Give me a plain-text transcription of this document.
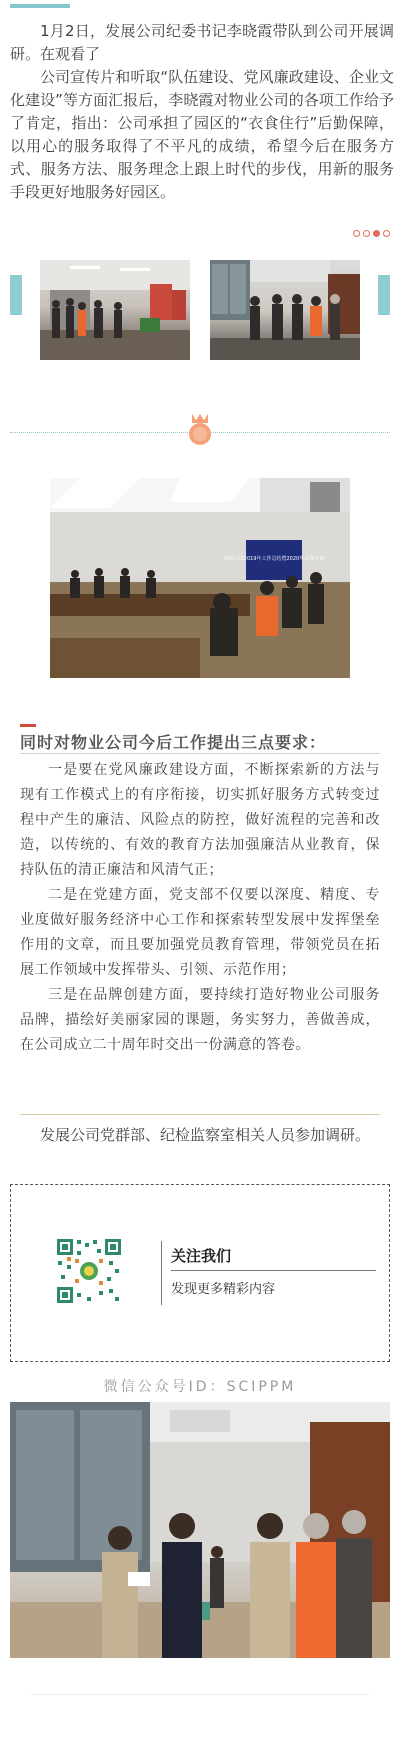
1月2日，发展公司纪委书记李晓霞带队到公司开展调研。在观看了

公司宣传片和听取“队伍建设、党风廉政建设、企业文化建设”等方面汇报后，李晓霞对物业公司的各项工作给予了肯定，指出：公司承担了园区的“衣食住行”后勤保障，以用心的服务取得了不平凡的成绩，希望今后在服务方式、服务方法、服务理念上跟上时代的步伐，用新的服务手段更好地服务好园区。

发展公司2019年工作总结暨2020年工作计划
同时对物业公司今后工作提出三点要求：

一是要在党风廉政建设方面，不断探索新的方法与现有工作模式上的有序衔接，切实抓好服务方式转变过程中产生的廉洁、风险点的防控，做好流程的完善和改造，以传统的、有效的教育方法加强廉洁从业教育，保持队伍的清正廉洁和风清气正；

二是在党建方面，党支部不仅要以深度、精度、专业度做好服务经济中心工作和探索转型发展中发挥堡垒作用的文章，而且要加强党员教育管理，带领党员在拓展工作领域中发挥带头、引领、示范作用；

三是在品牌创建方面，要持续打造好物业公司服务品牌，描绘好美丽家园的课题，务实努力，善做善成，在公司成立二十周年时交出一份满意的答卷。

发展公司党群部、纪检监察室相关人员参加调研。

关注我们
发现更多精彩内容
微信公众号ID：SCIPPM
